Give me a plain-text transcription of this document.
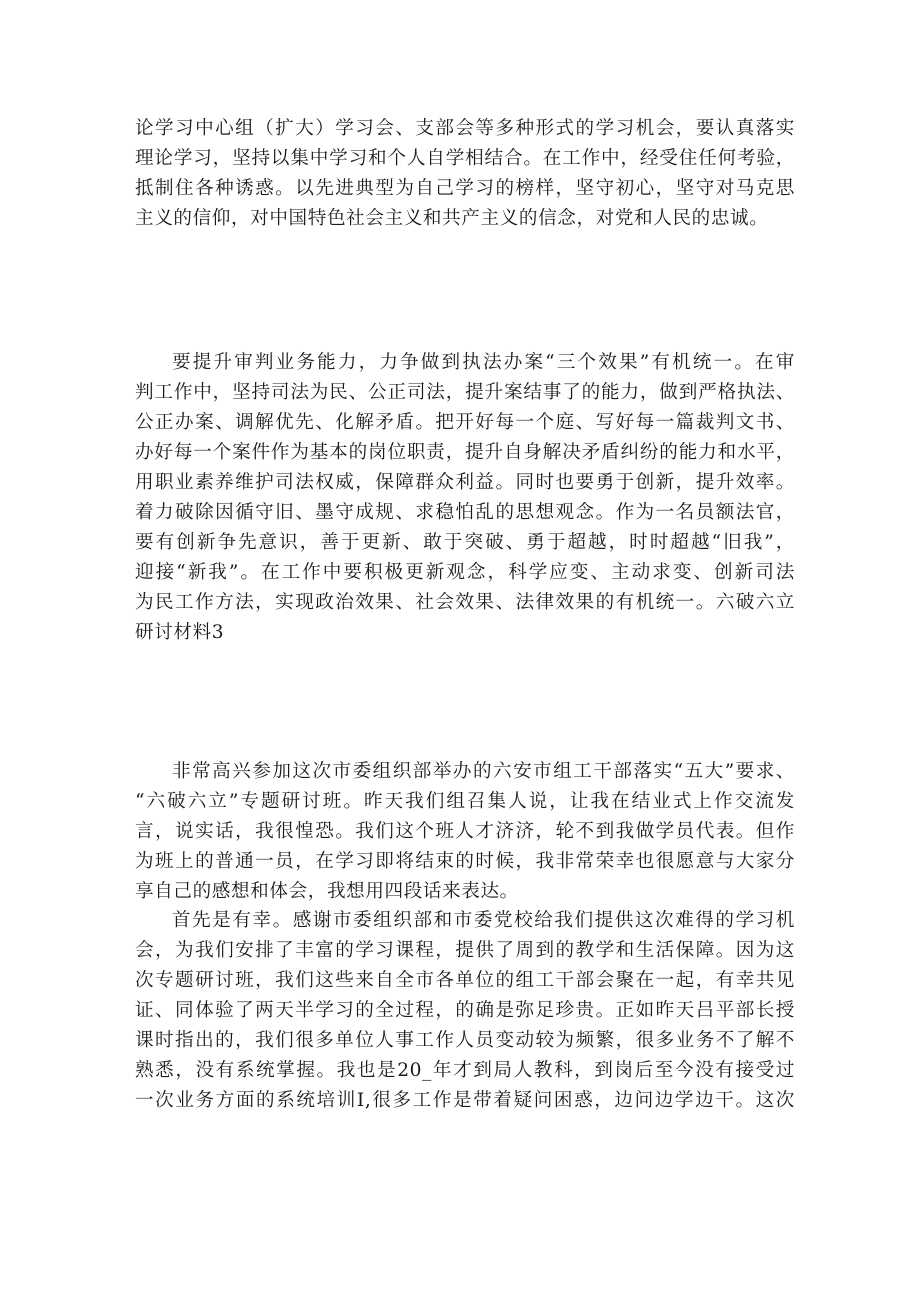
论学习中心组（扩大）学习会、支部会等多种形式的学习机会，要认真落实
理论学习，坚持以集中学习和个人自学相结合。在工作中，经受住任何考验，
抵制住各种诱惑。以先进典型为自己学习的榜样，坚守初心，坚守对马克思
主义的信仰，对中国特色社会主义和共产主义的信念，对党和人民的忠诚。
要提升审判业务能力，力争做到执法办案“三个效果”有机统一。在审
判工作中，坚持司法为民、公正司法，提升案结事了的能力，做到严格执法、
公正办案、调解优先、化解矛盾。把开好每一个庭、写好每一篇裁判文书、
办好每一个案件作为基本的岗位职责，提升自身解决矛盾纠纷的能力和水平，
用职业素养维护司法权威，保障群众利益。同时也要勇于创新，提升效率。
着力破除因循守旧、墨守成规、求稳怕乱的思想观念。作为一名员额法官，
要有创新争先意识，善于更新、敢于突破、勇于超越，时时超越“旧我”，
迎接“新我”。在工作中要积极更新观念，科学应变、主动求变、创新司法
为民工作方法，实现政治效果、社会效果、法律效果的有机统一。六破六立
研讨材料3
非常高兴参加这次市委组织部举办的六安市组工干部落实“五大”要求、
“六破六立”专题研讨班。昨天我们组召集人说，让我在结业式上作交流发
言，说实话，我很惶恐。我们这个班人才济济，轮不到我做学员代表。但作
为班上的普通一员，在学习即将结束的时候，我非常荣幸也很愿意与大家分
享自己的感想和体会，我想用四段话来表达。
首先是有幸。感谢市委组织部和市委党校给我们提供这次难得的学习机
会，为我们安排了丰富的学习课程，提供了周到的教学和生活保障。因为这
次专题研讨班，我们这些来自全市各单位的组工干部会聚在一起，有幸共见
证、同体验了两天半学习的全过程，的确是弥足珍贵。正如昨天吕平部长授
课时指出的，我们很多单位人事工作人员变动较为频繁，很多业务不了解不
熟悉，没有系统掌握。我也是20_年才到局人教科，到岗后至今没有接受过
一次业务方面的系统培训I,很多工作是带着疑问困惑，边问边学边干。这次
